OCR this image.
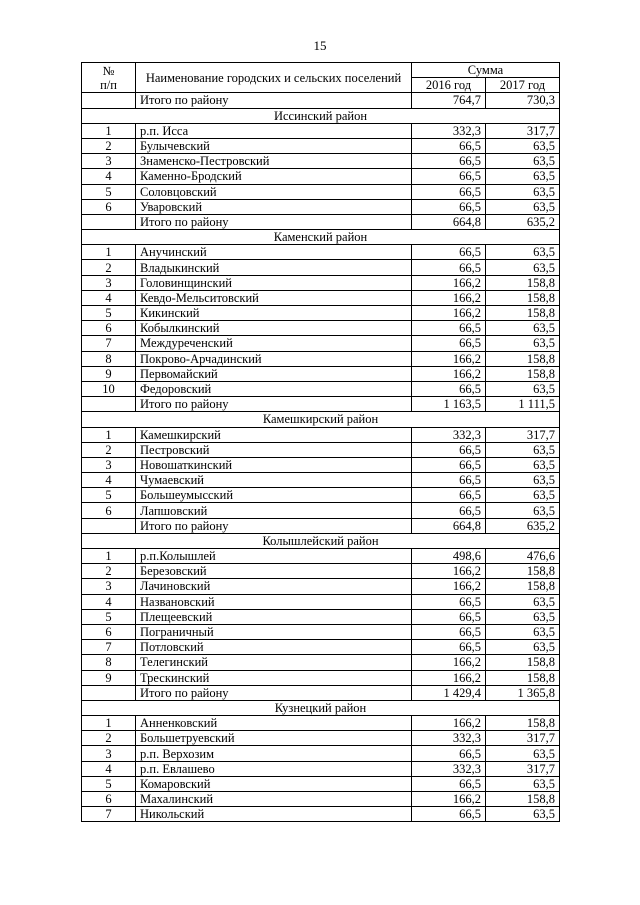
15
№
п/п	Наименование городских и сельских поселений	Сумма	
		2016 год	2017 год
	Итого по району	764,7	730,3
Иссинский район			
1	р.п. Исса	332,3	317,7
2	Булычевский	66,5	63,5
3	Знаменско-Пестровский	66,5	63,5
4	Каменно-Бродский	66,5	63,5
5	Соловцовский	66,5	63,5
6	Уваровский	66,5	63,5
	Итого по району	664,8	635,2
Каменский район			
1	Анучинский	66,5	63,5
2	Владыкинский	66,5	63,5
3	Головинщинский	166,2	158,8
4	Кевдо-Мельситовский	166,2	158,8
5	Кикинский	166,2	158,8
6	Кобылкинский	66,5	63,5
7	Междуреченский	66,5	63,5
8	Покрово-Арчадинский	166,2	158,8
9	Первомайский	166,2	158,8
10	Федоровский	66,5	63,5
	Итого по району	1 163,5	1 111,5
Камешкирский район			
1	Камешкирский	332,3	317,7
2	Пестровский	66,5	63,5
3	Новошаткинский	66,5	63,5
4	Чумаевский	66,5	63,5
5	Большеумысский	66,5	63,5
6	Лапшовский	66,5	63,5
	Итого по району	664,8	635,2
Колышлейский район			
1	р.п.Колышлей	498,6	476,6
2	Березовский	166,2	158,8
3	Лачиновский	166,2	158,8
4	Названовский	66,5	63,5
5	Плещеевский	66,5	63,5
6	Пограничный	66,5	63,5
7	Потловский	66,5	63,5
8	Телегинский	166,2	158,8
9	Трескинский	166,2	158,8
	Итого по району	1 429,4	1 365,8
Кузнецкий район			
1	Анненковский	166,2	158,8
2	Большетруевский	332,3	317,7
3	р.п. Верхозим	66,5	63,5
4	р.п. Евлашево	332,3	317,7
5	Комаровский	66,5	63,5
6	Махалинский	166,2	158,8
7	Никольский	66,5	63,5
